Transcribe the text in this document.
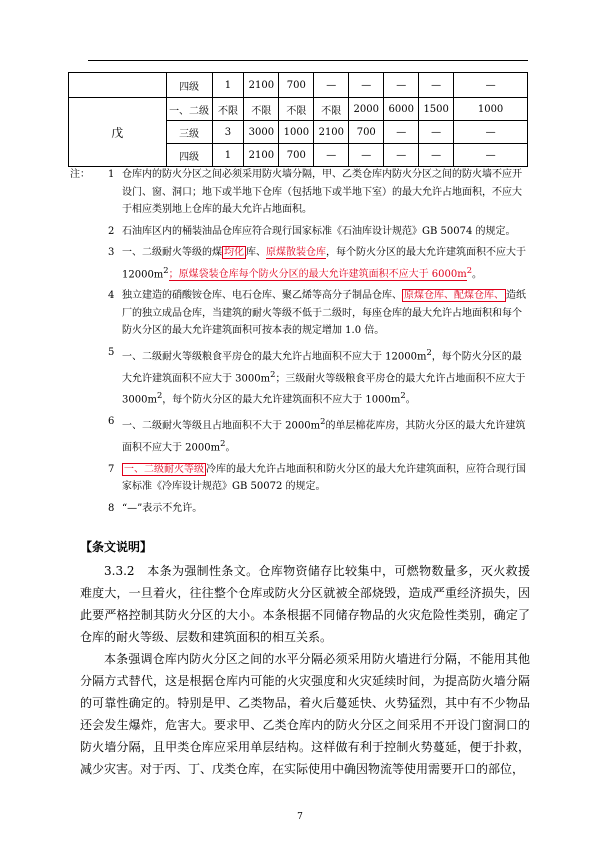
	四级	1	2100	700	—	—	—	—	—
戊	一、二级	不限	不限	不限	不限	2000	6000	1500	1000
	三级	3	3000	1000	2100	700	—	—	—
	四级	1	2100	700	—	—	—	—	—
注： 1 仓库内的防火分区之间必须采用防火墙分隔，甲、乙类仓库内防火分区之间的防火墙不应开设门、窗、洞口；地下或半地下仓库（包括地下或半地下室）的最大允许占地面积，不应大于相应类别地上仓库的最大允许占地面积。
2 石油库区内的桶装油品仓库应符合现行国家标准《石油库设计规范》GB 50074 的规定。
3 一、二级耐火等级的煤 均化 库、原煤散装仓库，每个防火分区的最大允许建筑面积不应大于 $12000m^2$；原煤袋装仓库每个防火分区的最大允许建筑面积不应大于 $6000m^2$。
4 独立建造的硝酸铵仓库、电石仓库、聚乙烯等高分子制品仓库、 原煤仓库、配煤仓库、 造纸厂的独立成品仓库，当建筑的耐火等级不低于二级时，每座仓库的最大允许占地面积和每个防火分区的最大允许建筑面积可按本表的规定增加 1.0 倍。
5 一、二级耐火等级粮食平房仓的最大允许占地面积不应大于 $12000m^2$，每个防火分区的最大允许建筑面积不应大于 $3000m^2$；三级耐火等级粮食平房仓的最大允许占地面积不应大于 $3000m^2$，每个防火分区的最大允许建筑面积不应大于 $1000m^2$。
6 一、二级耐火等级且占地面积不大于 $2000m^2$的单层棉花库房，其防火分区的最大允许建筑面积不应大于 $2000m^2$。
7 一、二级耐火等级 冷库的最大允许占地面积和防火分区的最大允许建筑面积，应符合现行国家标准《冷库设计规范》GB 50072 的规定。
8 “—”表示不允许。
【条文说明】

3.3.2　本条为强制性条文。仓库物资储存比较集中，可燃物数量多，灭火救援难度大，一旦着火，往往整个仓库或防火分区就被全部烧毁，造成严重经济损失，因此要严格控制其防火分区的大小。本条根据不同储存物品的火灾危险性类别，确定了仓库的耐火等级、层数和建筑面积的相互关系。

本条强调仓库内防火分区之间的水平分隔必须采用防火墙进行分隔，不能用其他分隔方式替代，这是根据仓库内可能的火灾强度和火灾延续时间，为提高防火墙分隔的可靠性确定的。特别是甲、乙类物品，着火后蔓延快、火势猛烈，其中有不少物品还会发生爆炸，危害大。要求甲、乙类仓库内的防火分区之间采用不开设门窗洞口的防火墙分隔，且甲类仓库应采用单层结构。这样做有利于控制火势蔓延，便于扑救，减少灾害。对于丙、丁、戊类仓库，在实际使用中确因物流等使用需要开口的部位，

7
